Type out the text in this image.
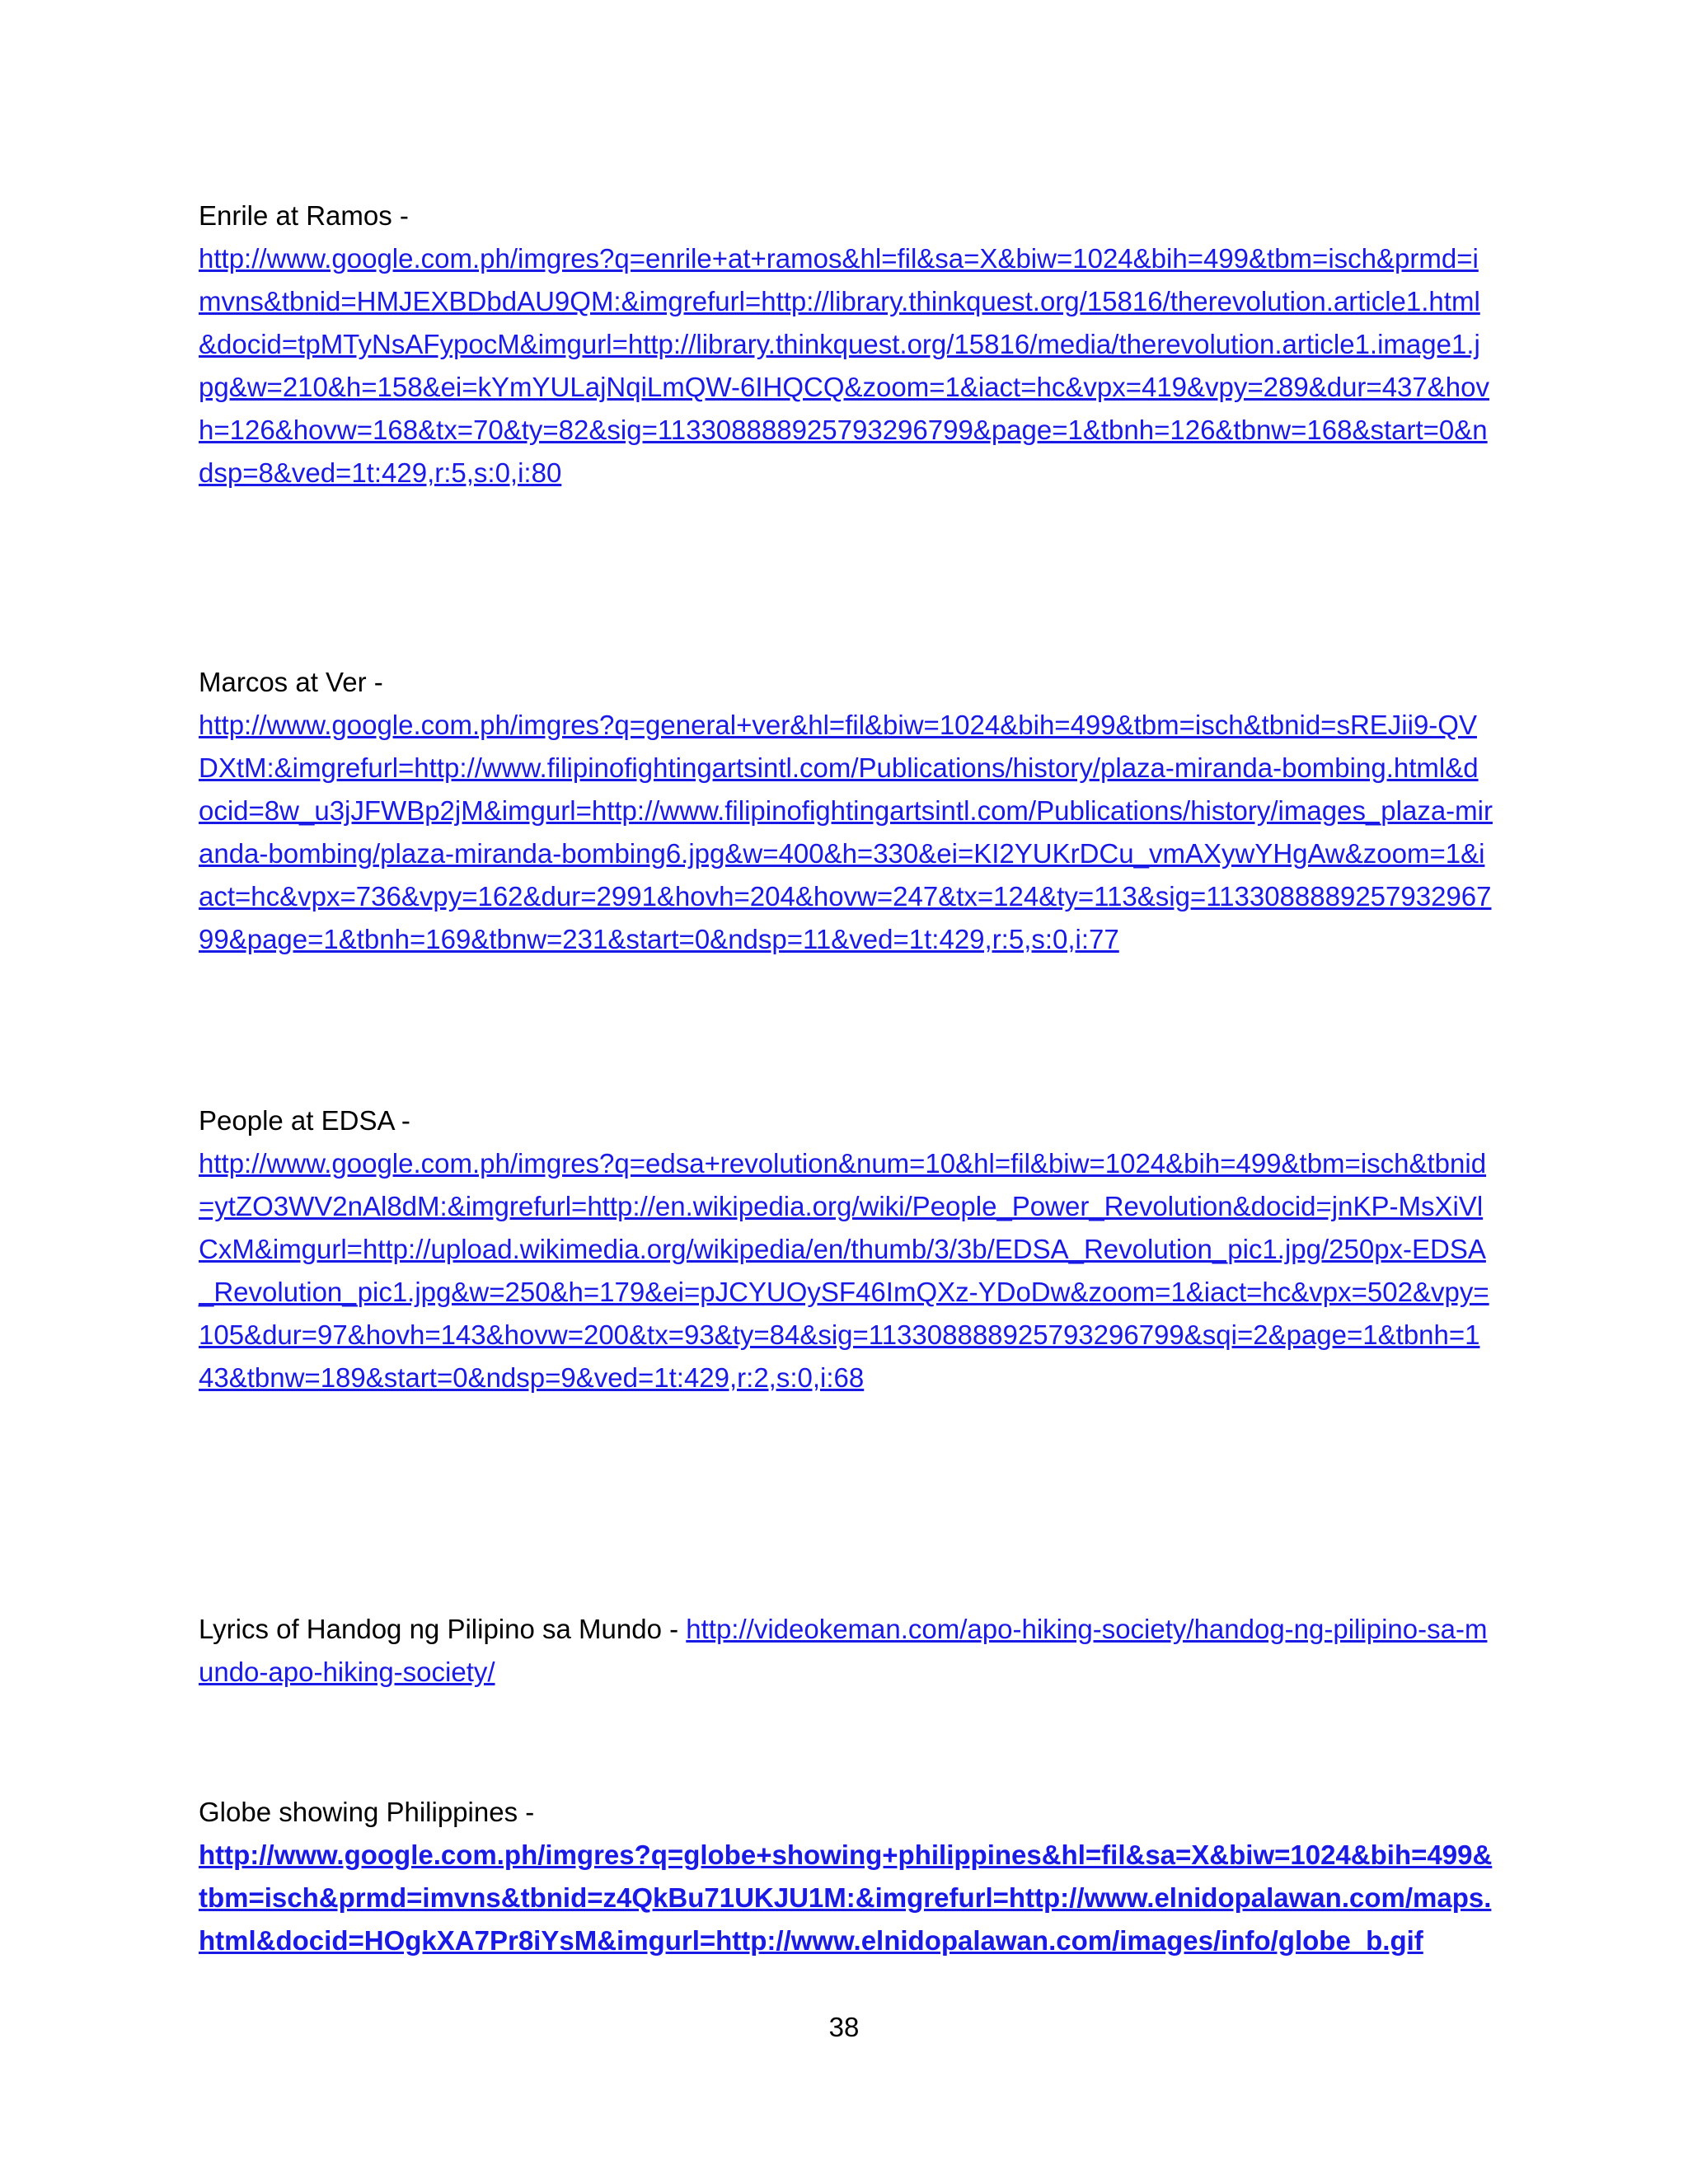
Enrile at Ramos -
http://www.google.com.ph/imgres?q=enrile+at+ramos&hl=fil&sa=X&biw=1024&bih=499&tbm=isch&prmd=imvns&tbnid=HMJEXBDbdAU9QM:&imgrefurl=http://library.thinkquest.org/15816/therevolution.article1.html&docid=tpMTyNsAFypocM&imgurl=http://library.thinkquest.org/15816/media/therevolution.article1.image1.jpg&w=210&h=158&ei=kYmYULajNqiLmQW-6IHQCQ&zoom=1&iact=hc&vpx=419&vpy=289&dur=437&hovh=126&hovw=168&tx=70&ty=82&sig=113308888925793296799&page=1&tbnh=126&tbnw=168&start=0&ndsp=8&ved=1t:429,r:5,s:0,i:80
Marcos at Ver -
http://www.google.com.ph/imgres?q=general+ver&hl=fil&biw=1024&bih=499&tbm=isch&tbnid=sREJii9-QVDXtM:&imgrefurl=http://www.filipinofightingartsintl.com/Publications/history/plaza-miranda-bombing.html&docid=8w_u3jJFWBp2jM&imgurl=http://www.filipinofightingartsintl.com/Publications/history/images_plaza-miranda-bombing/plaza-miranda-bombing6.jpg&w=400&h=330&ei=KI2YUKrDCu_vmAXywYHgAw&zoom=1&iact=hc&vpx=736&vpy=162&dur=2991&hovh=204&hovw=247&tx=124&ty=113&sig=113308888925793296799&page=1&tbnh=169&tbnw=231&start=0&ndsp=11&ved=1t:429,r:5,s:0,i:77
People at EDSA -
http://www.google.com.ph/imgres?q=edsa+revolution&num=10&hl=fil&biw=1024&bih=499&tbm=isch&tbnid=ytZO3WV2nAl8dM:&imgrefurl=http://en.wikipedia.org/wiki/People_Power_Revolution&docid=jnKP-MsXiVlCxM&imgurl=http://upload.wikimedia.org/wikipedia/en/thumb/3/3b/EDSA_Revolution_pic1.jpg/250px-EDSA_Revolution_pic1.jpg&w=250&h=179&ei=pJCYUOySF46ImQXz-YDoDw&zoom=1&iact=hc&vpx=502&vpy=105&dur=97&hovh=143&hovw=200&tx=93&ty=84&sig=113308888925793296799&sqi=2&page=1&tbnh=143&tbnw=189&start=0&ndsp=9&ved=1t:429,r:2,s:0,i:68
Lyrics of Handog ng Pilipino sa Mundo - http://videokeman.com/apo-hiking-society/handog-ng-pilipino-sa-mundo-apo-hiking-society/
Globe showing Philippines -
http://www.google.com.ph/imgres?q=globe+showing+philippines&hl=fil&sa=X&biw=1024&bih=499&tbm=isch&prmd=imvns&tbnid=z4QkBu71UKJU1M:&imgrefurl=http://www.elnidopalawan.com/maps.html&docid=HOgkXA7Pr8iYsM&imgurl=http://www.elnidopalawan.com/images/info/globe_b.gif
38
